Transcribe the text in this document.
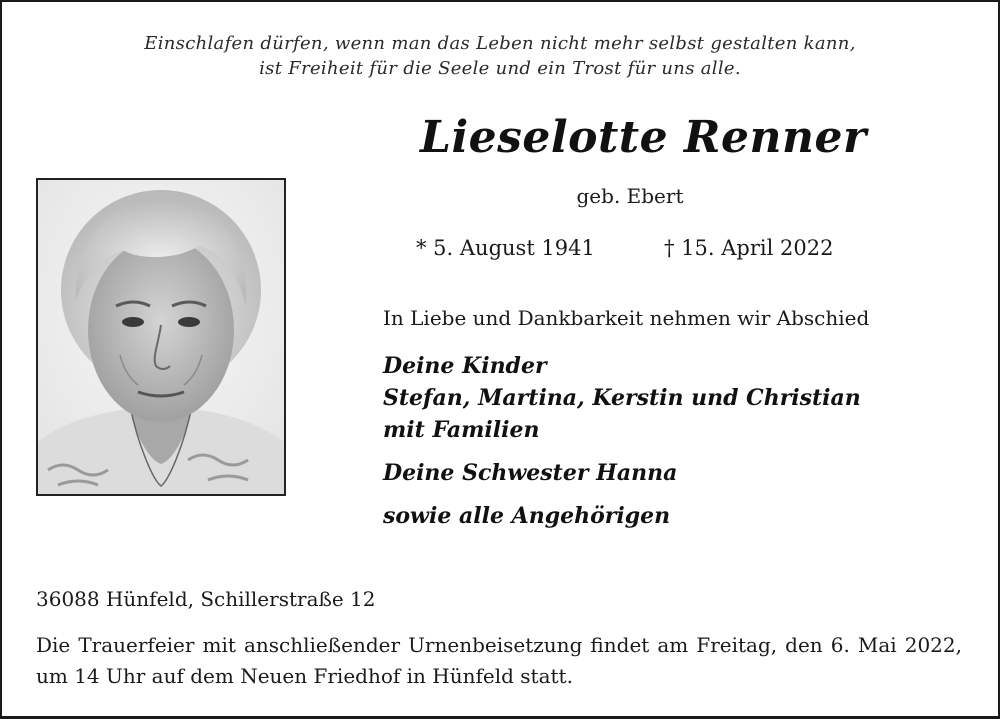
Einschlafen dürfen, wenn man das Leben nicht mehr selbst gestalten kann,

ist Freiheit für die Seele und ein Trost für uns alle.

Lieselotte Renner

geb. Ebert

* 5. August 1941	† 15. April 2022

In Liebe und Dankbarkeit nehmen wir Abschied

Deine Kinder

Stefan, Martina, Kerstin und Christian

mit Familien

Deine Schwester Hanna

sowie alle Angehörigen

36088 Hünfeld, Schillerstraße 12

Die Trauerfeier mit anschließender Urnenbeisetzung findet am Freitag, den 6. Mai 2022, um 14 Uhr auf dem Neuen Friedhof in Hünfeld statt.
